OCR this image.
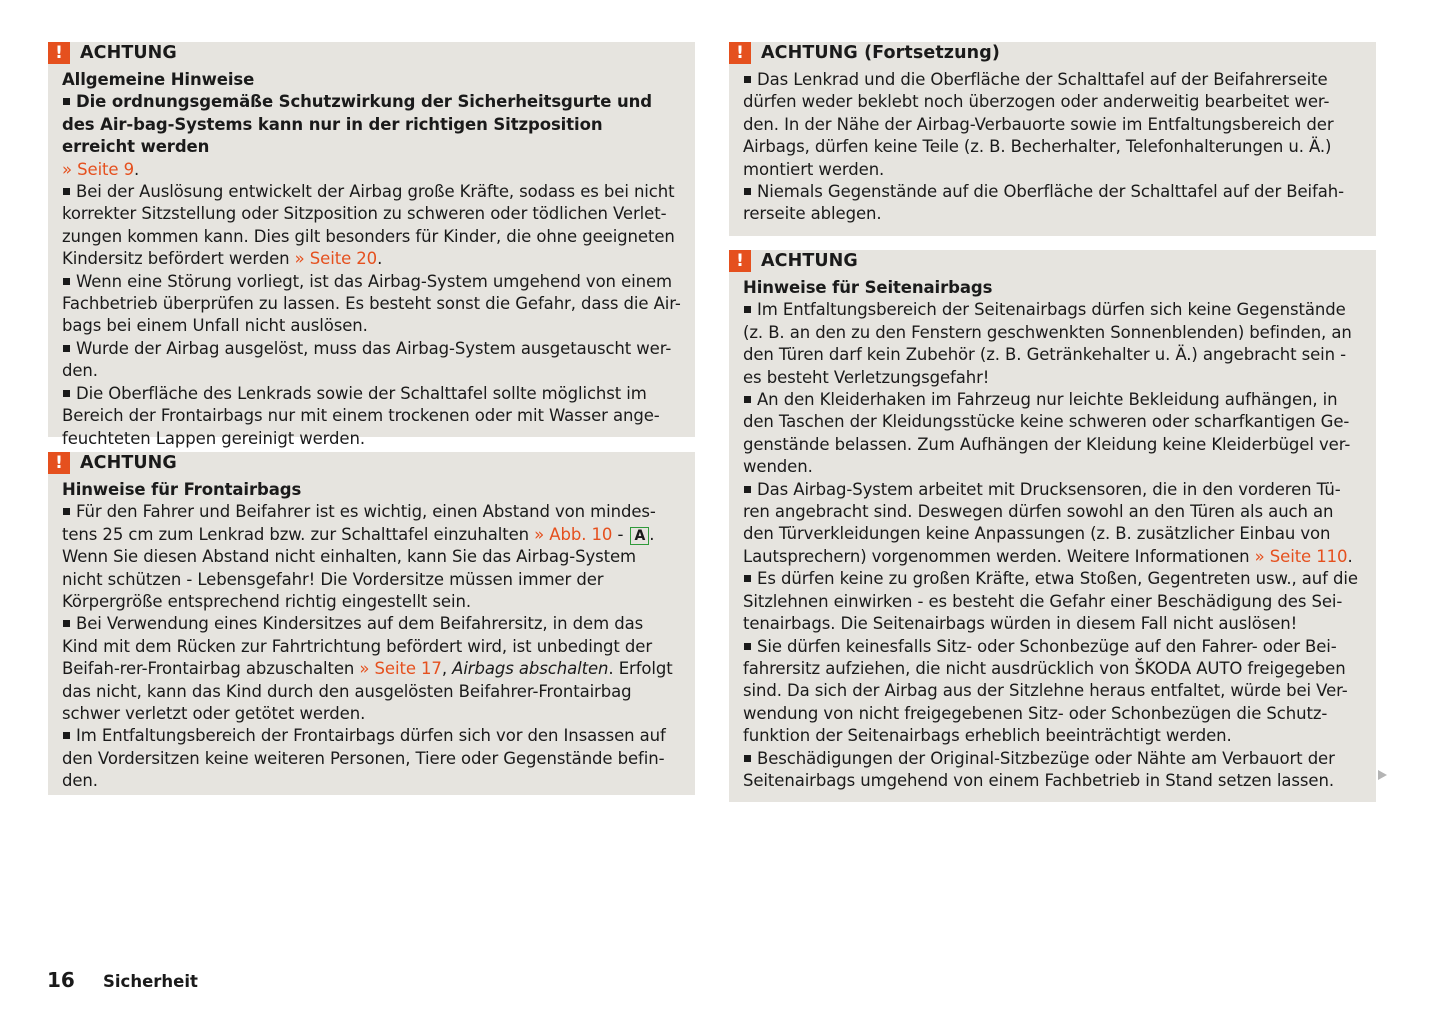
! ACHTUNG
Allgemeine Hinweise
Die ordnungsgemäße Schutzwirkung der Sicherheitsgurte und des Air-bag-Systems kann nur in der richtigen Sitzposition erreicht werden
» Seite 9.
Bei der Auslösung entwickelt der Airbag große Kräfte, sodass es bei nicht korrekter Sitzstellung oder Sitzposition zu schweren oder tödlichen Verlet-zungen kommen kann. Dies gilt besonders für Kinder, die ohne geeigneten Kindersitz befördert werden » Seite 20.
Wenn eine Störung vorliegt, ist das Airbag-System umgehend von einem Fachbetrieb überprüfen zu lassen. Es besteht sonst die Gefahr, dass die Air-bags bei einem Unfall nicht auslösen.
Wurde der Airbag ausgelöst, muss das Airbag-System ausgetauscht wer-den.
Die Oberfläche des Lenkrads sowie der Schalttafel sollte möglichst im Bereich der Frontairbags nur mit einem trockenen oder mit Wasser ange-feuchteten Lappen gereinigt werden.
! ACHTUNG
Hinweise für Frontairbags
Für den Fahrer und Beifahrer ist es wichtig, einen Abstand von mindes-tens 25 cm zum Lenkrad bzw. zur Schalttafel einzuhalten » Abb. 10 - A . Wenn Sie diesen Abstand nicht einhalten, kann Sie das Airbag-System nicht schützen - Lebensgefahr! Die Vordersitze müssen immer der Körpergröße entsprechend richtig eingestellt sein.
Bei Verwendung eines Kindersitzes auf dem Beifahrersitz, in dem das Kind mit dem Rücken zur Fahrtrichtung befördert wird, ist unbedingt der Beifah-rer-Frontairbag abzuschalten » Seite 17, Airbags abschalten. Erfolgt das nicht, kann das Kind durch den ausgelösten Beifahrer-Frontairbag schwer verletzt oder getötet werden.
Im Entfaltungsbereich der Frontairbags dürfen sich vor den Insassen auf den Vordersitzen keine weiteren Personen, Tiere oder Gegenstände befin-den.
! ACHTUNG (Fortsetzung)
Das Lenkrad und die Oberfläche der Schalttafel auf der Beifahrerseite dürfen weder beklebt noch überzogen oder anderweitig bearbeitet wer-den. In der Nähe der Airbag-Verbauorte sowie im Entfaltungsbereich der Airbags, dürfen keine Teile (z. B. Becherhalter, Telefonhalterungen u. Ä.) montiert werden.
Niemals Gegenstände auf die Oberfläche der Schalttafel auf der Beifah-rerseite ablegen.
! ACHTUNG
Hinweise für Seitenairbags
Im Entfaltungsbereich der Seitenairbags dürfen sich keine Gegenstände (z. B. an den zu den Fenstern geschwenkten Sonnenblenden) befinden, an den Türen darf kein Zubehör (z. B. Getränkehalter u. Ä.) angebracht sein - es besteht Verletzungsgefahr!
An den Kleiderhaken im Fahrzeug nur leichte Bekleidung aufhängen, in den Taschen der Kleidungsstücke keine schweren oder scharfkantigen Ge-genstände belassen. Zum Aufhängen der Kleidung keine Kleiderbügel ver-wenden.
Das Airbag-System arbeitet mit Drucksensoren, die in den vorderen Tü-ren angebracht sind. Deswegen dürfen sowohl an den Türen als auch an den Türverkleidungen keine Anpassungen (z. B. zusätzlicher Einbau von Lautsprechern) vorgenommen werden. Weitere Informationen » Seite 110.
Es dürfen keine zu großen Kräfte, etwa Stoßen, Gegentreten usw., auf die Sitzlehnen einwirken - es besteht die Gefahr einer Beschädigung des Sei-tenairbags. Die Seitenairbags würden in diesem Fall nicht auslösen!
Sie dürfen keinesfalls Sitz- oder Schonbezüge auf den Fahrer- oder Bei-fahrersitz aufziehen, die nicht ausdrücklich von ŠKODA AUTO freigegeben sind. Da sich der Airbag aus der Sitzlehne heraus entfaltet, würde bei Ver-wendung von nicht freigegebenen Sitz- oder Schonbezügen die Schutz-funktion der Seitenairbags erheblich beeinträchtigt werden.
Beschädigungen der Original-Sitzbezüge oder Nähte am Verbauort der Seitenairbags umgehend von einem Fachbetrieb in Stand setzen lassen.
16 Sicherheit
